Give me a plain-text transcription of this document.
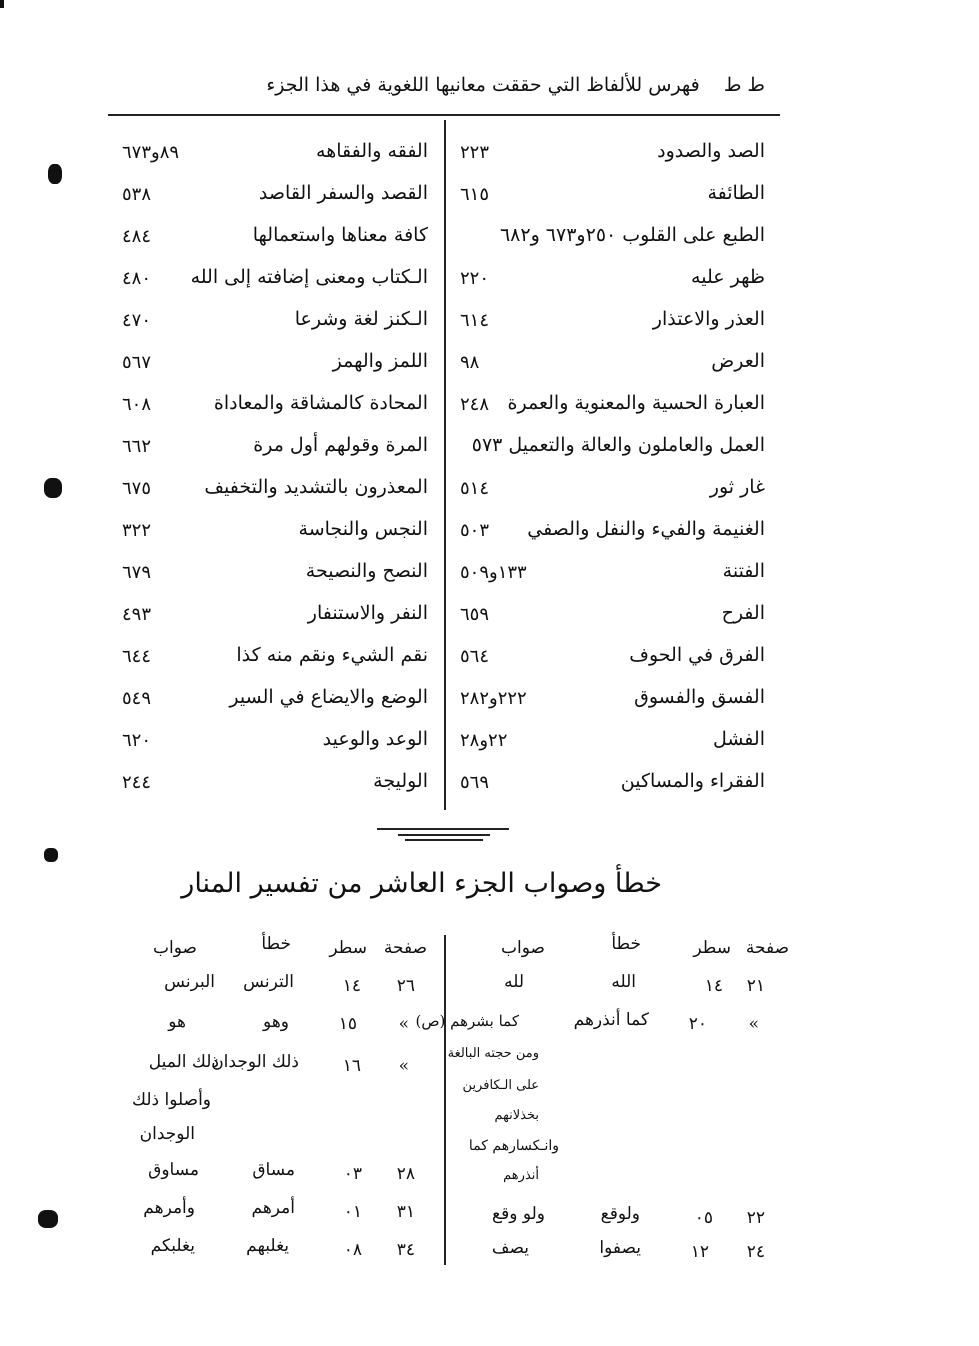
ط ط فهرس للألفاظ التي حققت معانيها اللغوية في هذا الجزء
الصد والصدود
٢٢٣
الطائفة
٦١٥
الطبع على القلوب ٢٥٠و٦٧٣ و٦٨٢
ظهر عليه
٢٢٠
العذر والاعتذار
٦١٤
العرض
٩٨
العبارة الحسية والمعنوية والعمرة
٢٤٨
العمل والعاملون والعالة والتعميل ٥٧٣
غار ثور
٥١٤
الغنيمة والفيء والنفل والصفي
٥٠٣
الفتنة
١٣٣و٥٠٩
الفرح
٦٥٩
الفرق في الحوف
٥٦٤
الفسق والفسوق
٢٢٢و٢٨٢
الفشل
٢٢و٢٨
الفقراء والمساكين
٥٦٩
الفقه والفقاهه
٨٩و٦٧٣
القصد والسفر القاصد
٥٣٨
كافة معناها واستعمالها
٤٨٤
الـكتاب ومعنى إضافته إلى الله
٤٨٠
الـكنز لغة وشرعا
٤٧٠
اللمز والهمز
٥٦٧
المحادة كالمشاقة والمعاداة
٦٠٨
المرة وقولهم أول مرة
٦٦٢
المعذرون بالتشديد والتخفيف
٦٧٥
النجس والنجاسة
٣٢٢
النصح والنصيحة
٦٧٩
النفر والاستنفار
٤٩٣
نقم الشيء ونقم منه كذا
٦٤٤
الوضع والايضاع في السير
٥٤٩
الوعد والوعيد
٦٢٠
الوليجة
٢٤٤
خطأ وصواب الجزء العاشر من تفسير المنار
صفحة
سطر
خطأ
صواب
صفحة
سطر
خطأ
صواب
٢١
١٤
الله
لله
»
٢٠
كما أنذرهم
كما بشرهم (ص)
ومن حجته البالغة
على الـكافرين
بخذلانهم
وانـكسارهم كما
أنذرهم
٢٢
٠٥
ولوقع
ولو وقع
٢٤
١٢
يصفوا
يصف
٢٦
١٤
الترنس
البرنس
»
١٥
وهو
هو
»
١٦
ذلك الوجدان
ذلك الميل
وأصلوا ذلك
الوجدان
٢٨
٠٣
مساق
مساوق
٣١
٠١
أمرهم
وأمرهم
٣٤
٠٨
يغلبهم
يغلبكم
